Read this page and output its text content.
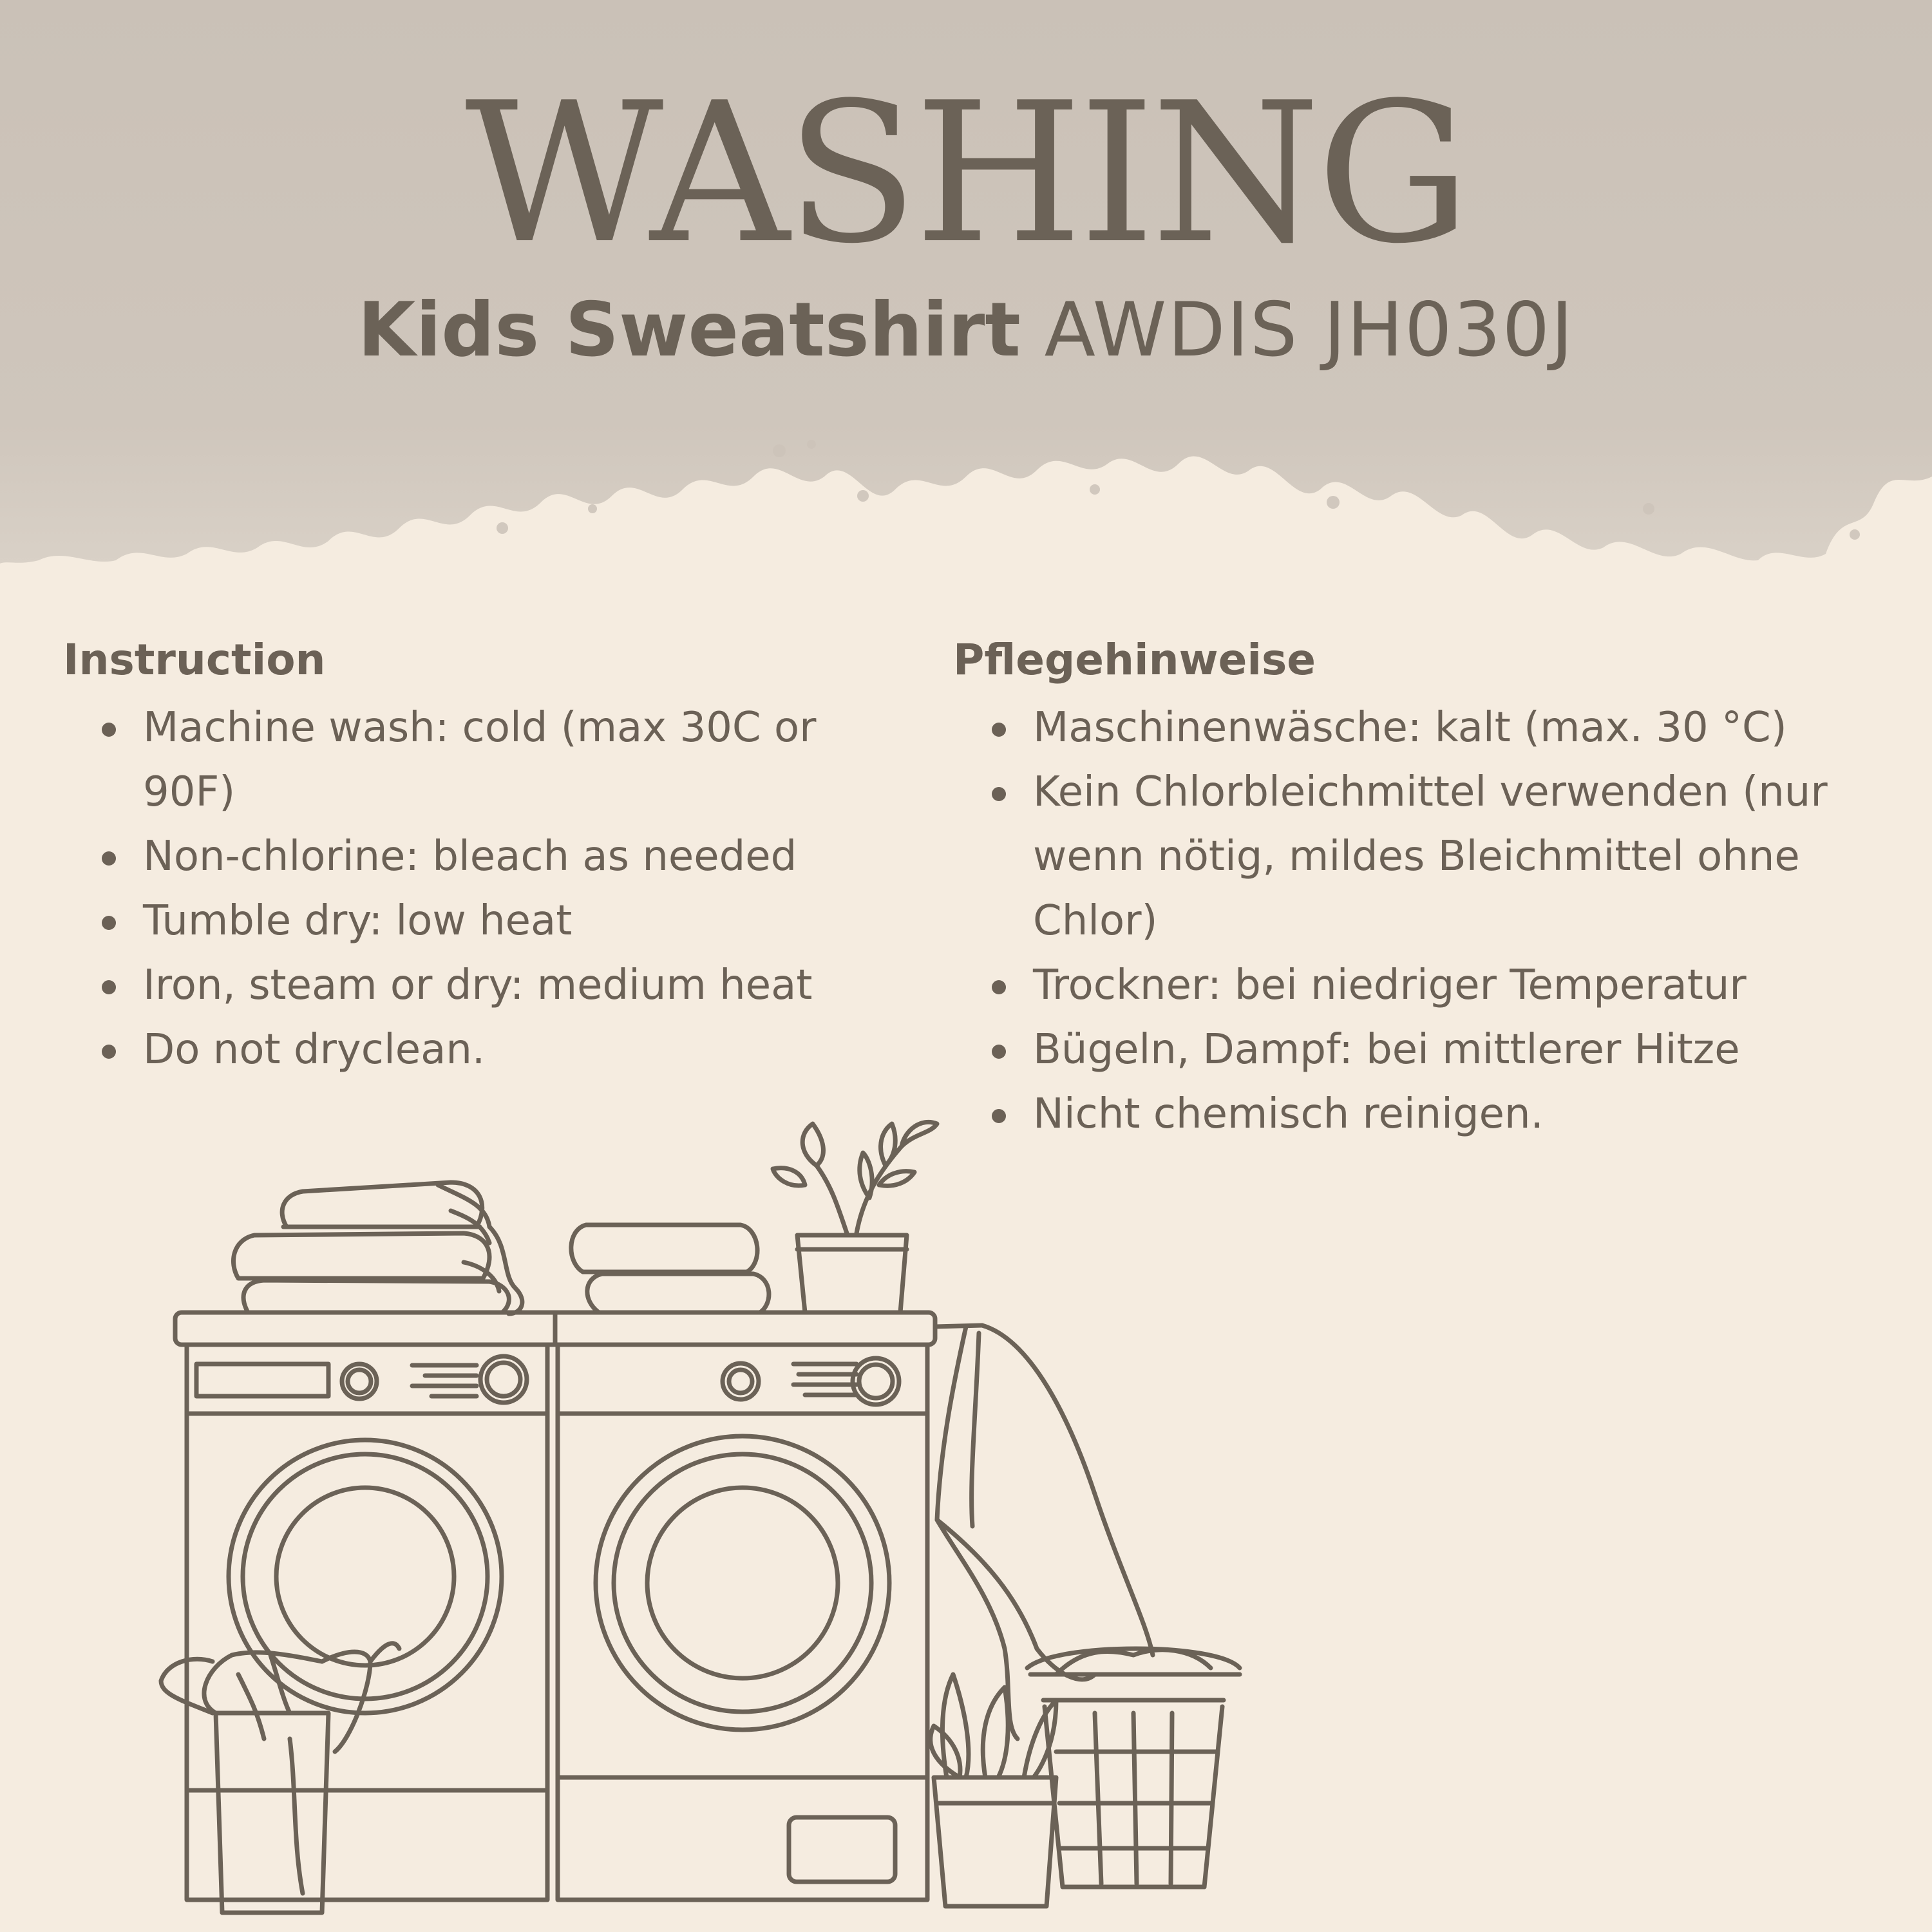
WASHING

Kids Sweatshirt AWDIS JH030J

Instruction
Machine wash: cold (max 30C or 90F)
Non-chlorine: bleach as needed
Tumble dry: low heat
Iron, steam or dry: medium heat
Do not dryclean.
Pflegehinweise
Maschinenwäsche: kalt (max. 30 °C)
Kein Chlorbleichmittel verwenden (nur wenn nötig, mildes Bleichmittel ohne Chlor)
Trockner: bei niedriger Temperatur
Bügeln, Dampf: bei mittlerer Hitze
Nicht chemisch reinigen.
